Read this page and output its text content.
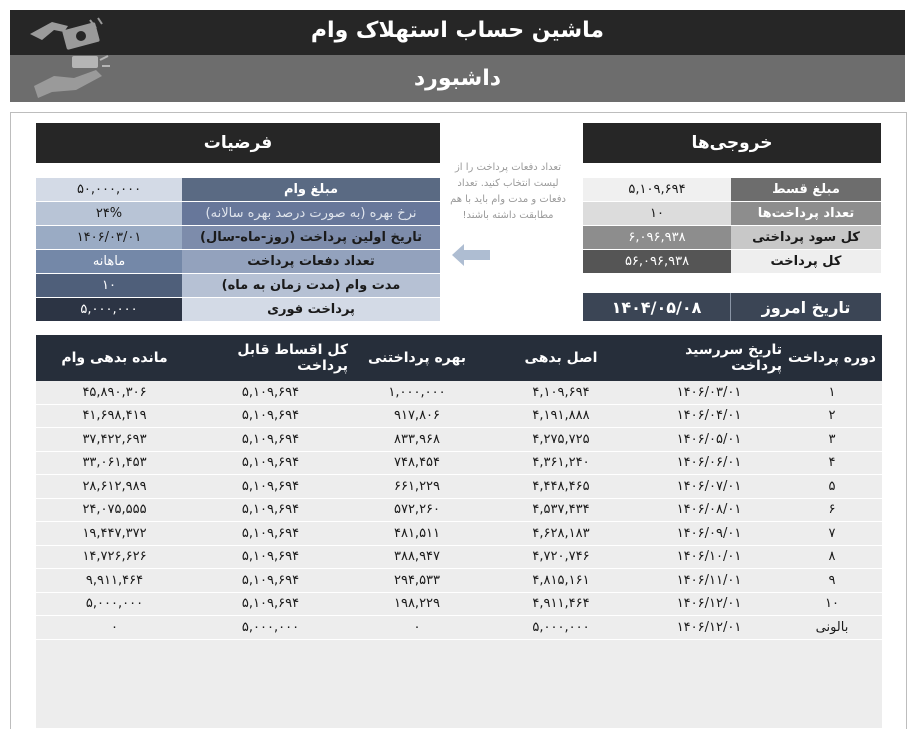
ماشین حساب استهلاک وام
داشبورد
فرضیات
مبلغ وام
۵۰,۰۰۰,۰۰۰
نرخ بهره (به صورت درصد بهره سالانه)
۲۴%
تاریخ اولین پرداخت (روز-ماه-سال)
۱۴۰۶/۰۳/۰۱
تعداد دفعات پرداخت
ماهانه
مدت وام (مدت زمان به ماه)
۱۰
پرداخت فوری
۵,۰۰۰,۰۰۰
تعداد دفعات پرداخت را از لیست انتخاب کنید. تعداد دفعات و مدت وام باید با هم مطابقت داشته باشند!
خروجی‌ها
مبلغ قسط
۵,۱۰۹,۶۹۴
تعداد پرداخت‌ها
۱۰
کل سود پرداختی
۶,۰۹۶,۹۳۸
کل پرداخت
۵۶,۰۹۶,۹۳۸
تاریخ امروز
۱۴۰۴/۰۵/۰۸
دوره پرداخت
تاریخ سررسید پرداخت
اصل بدهی
بهره پرداختنی
کل اقساط قابل پرداخت
مانده بدهی وام
۱
۱۴۰۶/۰۳/۰۱
۴,۱۰۹,۶۹۴
۱,۰۰۰,۰۰۰
۵,۱۰۹,۶۹۴
۴۵,۸۹۰,۳۰۶
۲
۱۴۰۶/۰۴/۰۱
۴,۱۹۱,۸۸۸
۹۱۷,۸۰۶
۵,۱۰۹,۶۹۴
۴۱,۶۹۸,۴۱۹
۳
۱۴۰۶/۰۵/۰۱
۴,۲۷۵,۷۲۵
۸۳۳,۹۶۸
۵,۱۰۹,۶۹۴
۳۷,۴۲۲,۶۹۳
۴
۱۴۰۶/۰۶/۰۱
۴,۳۶۱,۲۴۰
۷۴۸,۴۵۴
۵,۱۰۹,۶۹۴
۳۳,۰۶۱,۴۵۳
۵
۱۴۰۶/۰۷/۰۱
۴,۴۴۸,۴۶۵
۶۶۱,۲۲۹
۵,۱۰۹,۶۹۴
۲۸,۶۱۲,۹۸۹
۶
۱۴۰۶/۰۸/۰۱
۴,۵۳۷,۴۳۴
۵۷۲,۲۶۰
۵,۱۰۹,۶۹۴
۲۴,۰۷۵,۵۵۵
۷
۱۴۰۶/۰۹/۰۱
۴,۶۲۸,۱۸۳
۴۸۱,۵۱۱
۵,۱۰۹,۶۹۴
۱۹,۴۴۷,۳۷۲
۸
۱۴۰۶/۱۰/۰۱
۴,۷۲۰,۷۴۶
۳۸۸,۹۴۷
۵,۱۰۹,۶۹۴
۱۴,۷۲۶,۶۲۶
۹
۱۴۰۶/۱۱/۰۱
۴,۸۱۵,۱۶۱
۲۹۴,۵۳۳
۵,۱۰۹,۶۹۴
۹,۹۱۱,۴۶۴
۱۰
۱۴۰۶/۱۲/۰۱
۴,۹۱۱,۴۶۴
۱۹۸,۲۲۹
۵,۱۰۹,۶۹۴
۵,۰۰۰,۰۰۰
بالونی
۱۴۰۶/۱۲/۰۱
۵,۰۰۰,۰۰۰
۰
۵,۰۰۰,۰۰۰
۰
